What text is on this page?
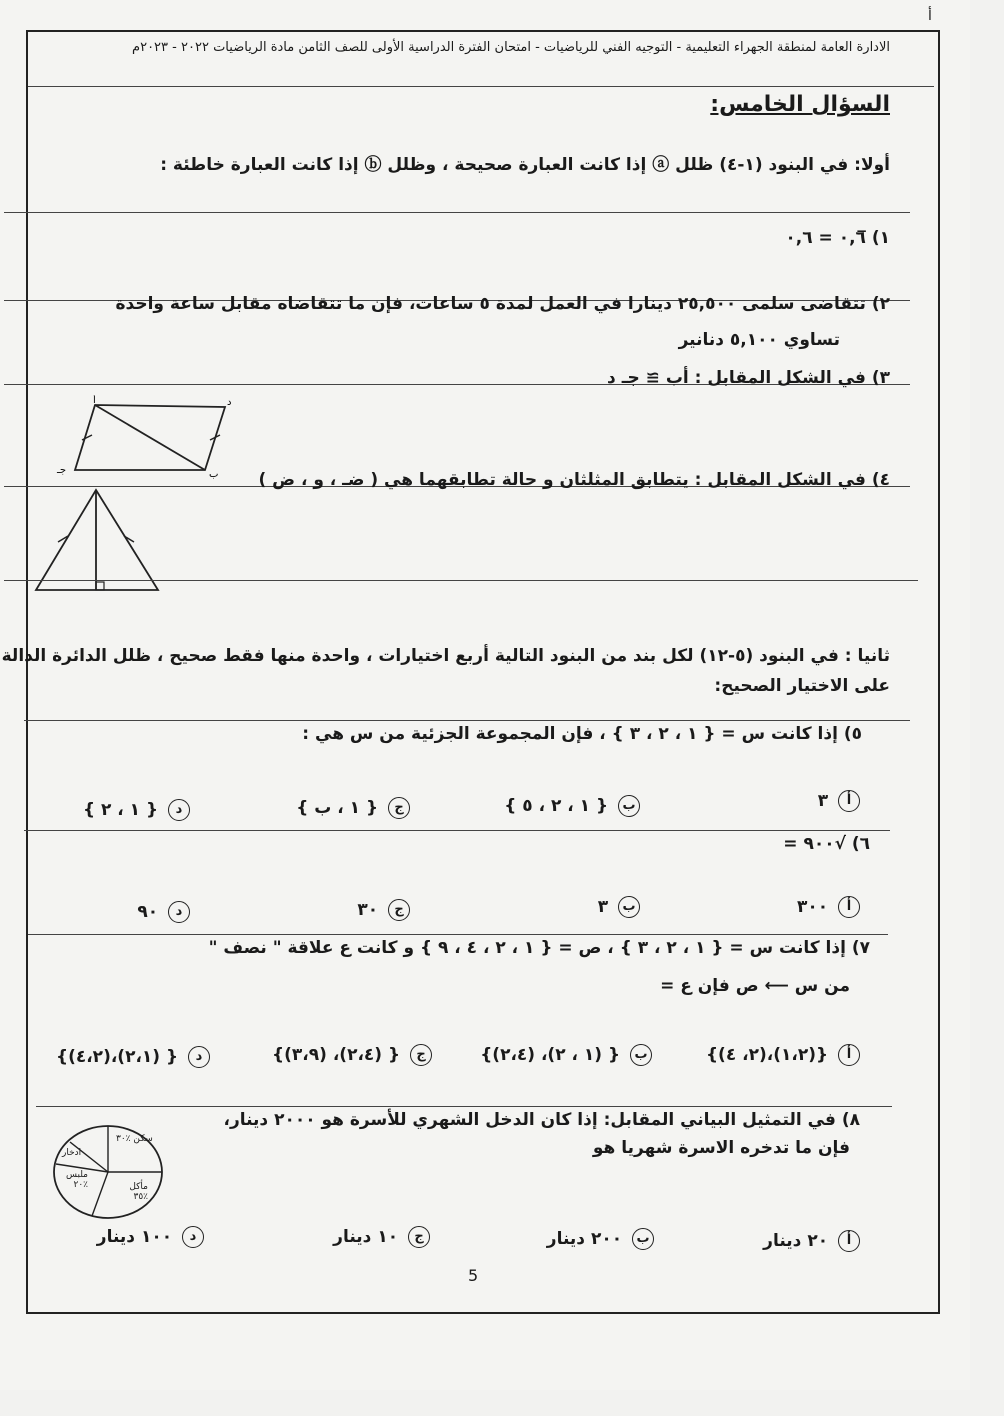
أ
الادارة العامة لمنطقة الجهراء التعليمية - التوجيه الفني للرياضيات - امتحان الفترة الدراسية الأولى للصف الثامن مادة الرياضيات ٢٠٢٢ - ٢٠٢٣م
السؤال الخامس:
أولا: في البنود (١-٤) ظلل ⓐ إذا كانت العبارة صحيحة ، وظلل ⓑ إذا كانت العبارة خاطئة :
١) ٠,٦̅ = ٠,٦
٢) تتقاضى سلمى ٢٥,٥٠٠ دينارا في العمل لمدة ٥ ساعات، فإن ما تتقاضاه مقابل ساعة واحدة
تساوي ٥,١٠٠ دنانير
٣) في الشكل المقابل : أب ≅ جـ د
أ	د
ب
جـ	٤) في الشكل المقابل : يتطابق المثلثان و حالة تطابقهما هي ( ضـ ، و ، ض )
ثانيا : في البنود (٥-١٢) لكل بند من البنود التالية أربع اختيارات ، واحدة منها فقط صحيح ، ظلل الدائرة الدالة
على الاختيار الصحيح:
٥) إذا كانت س = { ١ ، ٢ ، ٣ } ، فإن المجموعة الجزئية من س هي :
أ ٣
ب { ١ ، ٢ ، ٥ }
ج { ١ ، ب }
د { ١ ، ٢ }
٦) √٩٠٠ =
أ ٣٠٠
ب ٣
ج ٣٠
د ٩٠
٧) إذا كانت س = { ١ ، ٢ ، ٣ } ، ص = { ١ ، ٢ ، ٤ ، ٩ } و كانت ع علاقة " نصف "
من س ⟵ ص فإن ع =
أ {(١،٢)،(٢، ٤)}
ب { (١ ، ٢)، (٢،٤)}
ج { (٢،٤)، (٣،٩)}
د { (٢،١)،(٤،٢)}
٨) في التمثيل البياني المقابل: إذا كان الدخل الشهري للأسرة هو ٢٠٠٠ دينار،
فإن ما تدخره الاسرة شهريا هو
سكن ٪٣٠
ادخار
ملبس ٪٢٠	مأكل ٪٣٥
أ ٢٠ دينار
ب ٢٠٠ دينار
ج ١٠ دينار
د ١٠٠ دينار
5
